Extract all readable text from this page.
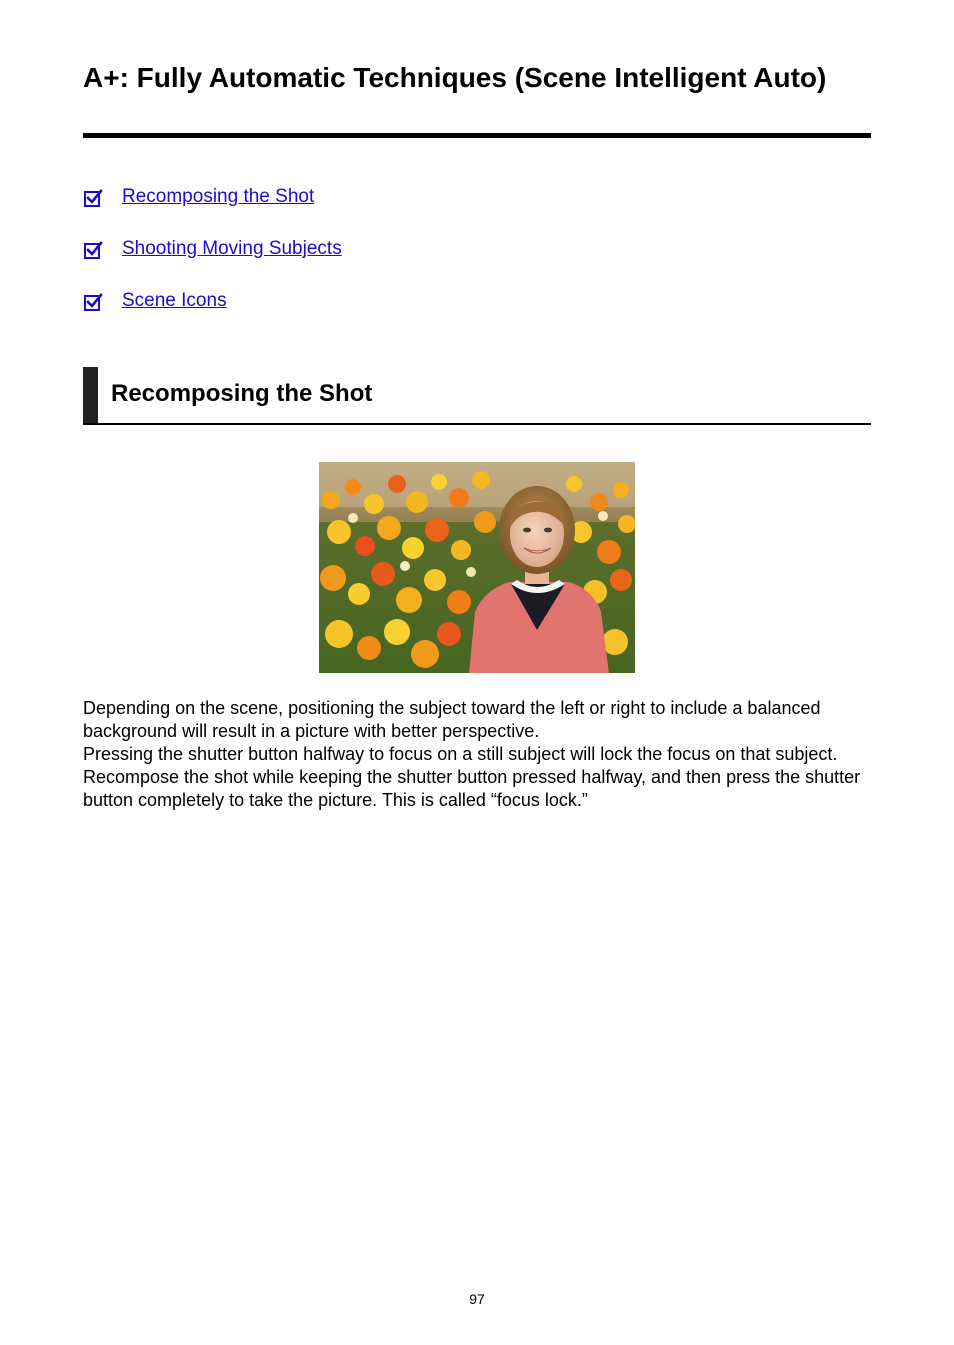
A+: Fully Automatic Techniques (Scene Intelligent Auto)
Recomposing the Shot
Shooting Moving Subjects
Scene Icons
Recomposing the Shot

Depending on the scene, positioning the subject toward the left or right to include a balanced background will result in a picture with better perspective.

Pressing the shutter button halfway to focus on a still subject will lock the focus on that subject. Recompose the shot while keeping the shutter button pressed halfway, and then press the shutter button completely to take the picture. This is called “focus lock.”

97
